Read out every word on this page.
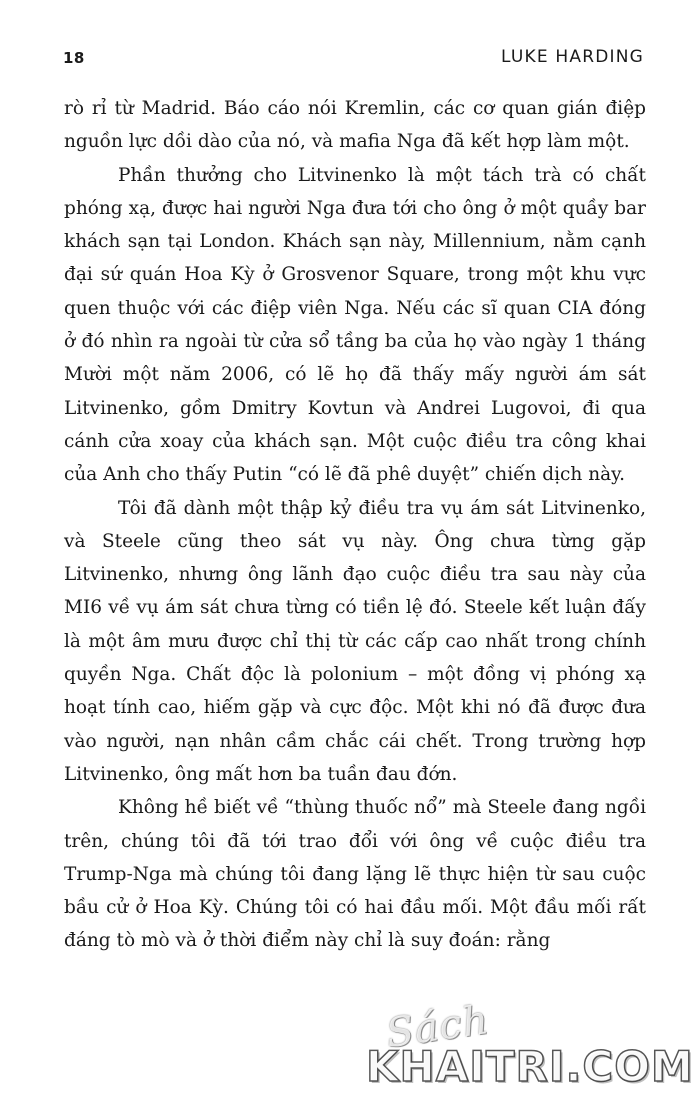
18	LUKE HARDING

rò rỉ từ Madrid. Báo cáo nói Kremlin, các cơ quan gián điệp nguồn lực dồi dào của nó, và mafia Nga đã kết hợp làm một.

Phần thưởng cho Litvinenko là một tách trà có chất phóng xạ, được hai người Nga đưa tới cho ông ở một quầy bar khách sạn tại London. Khách sạn này, Millennium, nằm cạnh đại sứ quán Hoa Kỳ ở Grosvenor Square, trong một khu vực quen thuộc với các điệp viên Nga. Nếu các sĩ quan CIA đóng ở đó nhìn ra ngoài từ cửa sổ tầng ba của họ vào ngày 1 tháng Mười một năm 2006, có lẽ họ đã thấy mấy người ám sát Litvinenko, gồm Dmitry Kovtun và Andrei Lugovoi, đi qua cánh cửa xoay của khách sạn. Một cuộc điều tra công khai của Anh cho thấy Putin “có lẽ đã phê duyệt” chiến dịch này.

Tôi đã dành một thập kỷ điều tra vụ ám sát Litvinenko, và Steele cũng theo sát vụ này. Ông chưa từng gặp Litvinenko, nhưng ông lãnh đạo cuộc điều tra sau này của MI6 về vụ ám sát chưa từng có tiền lệ đó. Steele kết luận đấy là một âm mưu được chỉ thị từ các cấp cao nhất trong chính quyền Nga. Chất độc là polonium – một đồng vị phóng xạ hoạt tính cao, hiếm gặp và cực độc. Một khi nó đã được đưa vào người, nạn nhân cầm chắc cái chết. Trong trường hợp Litvinenko, ông mất hơn ba tuần đau đớn.

Không hề biết về “thùng thuốc nổ” mà Steele đang ngồi trên, chúng tôi đã tới trao đổi với ông về cuộc điều tra Trump-Nga mà chúng tôi đang lặng lẽ thực hiện từ sau cuộc bầu cử ở Hoa Kỳ. Chúng tôi có hai đầu mối. Một đầu mối rất đáng tò mò và ở thời điểm này chỉ là suy đoán: rằng

Sách
KHAITRI.COM
